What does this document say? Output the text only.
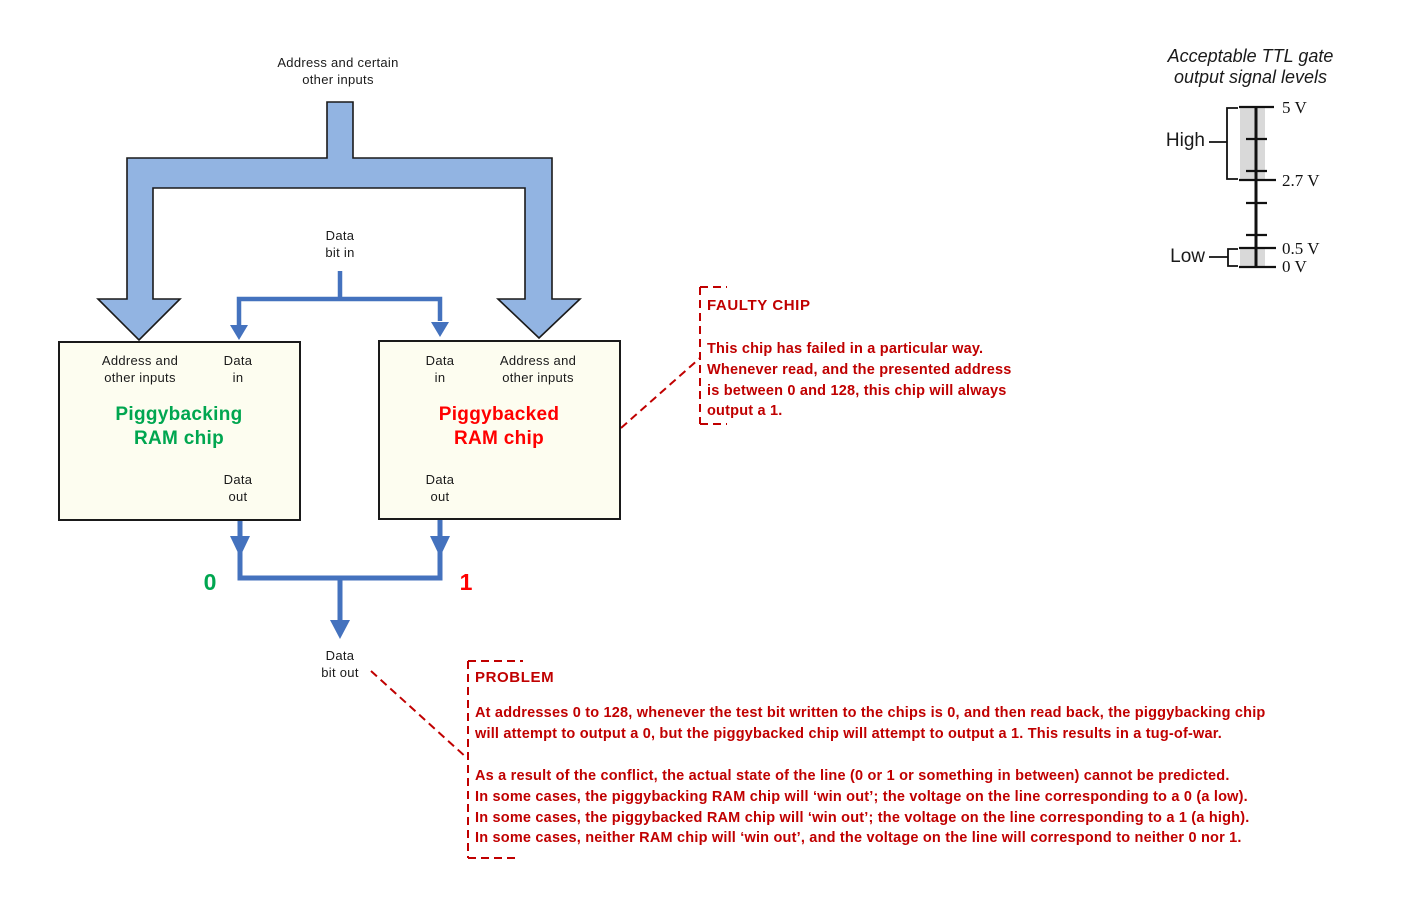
Address and certain
other inputs
Data
bit in
Address and
other inputs
Data
in
Piggybacking
RAM chip
Data
out
Data
in
Address and
other inputs
Piggybacked
RAM chip
Data
out
0	1
Data
bit out
FAULTY CHIP
This chip has failed in a particular way.
Whenever read, and the presented address
is between 0 and 128, this chip will always
output a 1.
PROBLEM
At addresses 0 to 128, whenever the test bit written to the chips is 0, and then read back, the piggybacking chip
will attempt to output a 0, but the piggybacked chip will attempt to output a 1. This results in a tug-of-war.
As a result of the conflict, the actual state of the line (0 or 1 or something in between) cannot be predicted.
In some cases, the piggybacking RAM chip will ‘win out’; the voltage on the line corresponding to a 0 (a low).
In some cases, the piggybacked RAM chip will ‘win out’; the voltage on the line corresponding to a 1 (a high).
In some cases, neither RAM chip will ‘win out’, and the voltage on the line will correspond to neither 0 nor 1.
Acceptable TTL gate
output signal levels
High
Low
5 V
2.7 V
0.5 V
0 V
